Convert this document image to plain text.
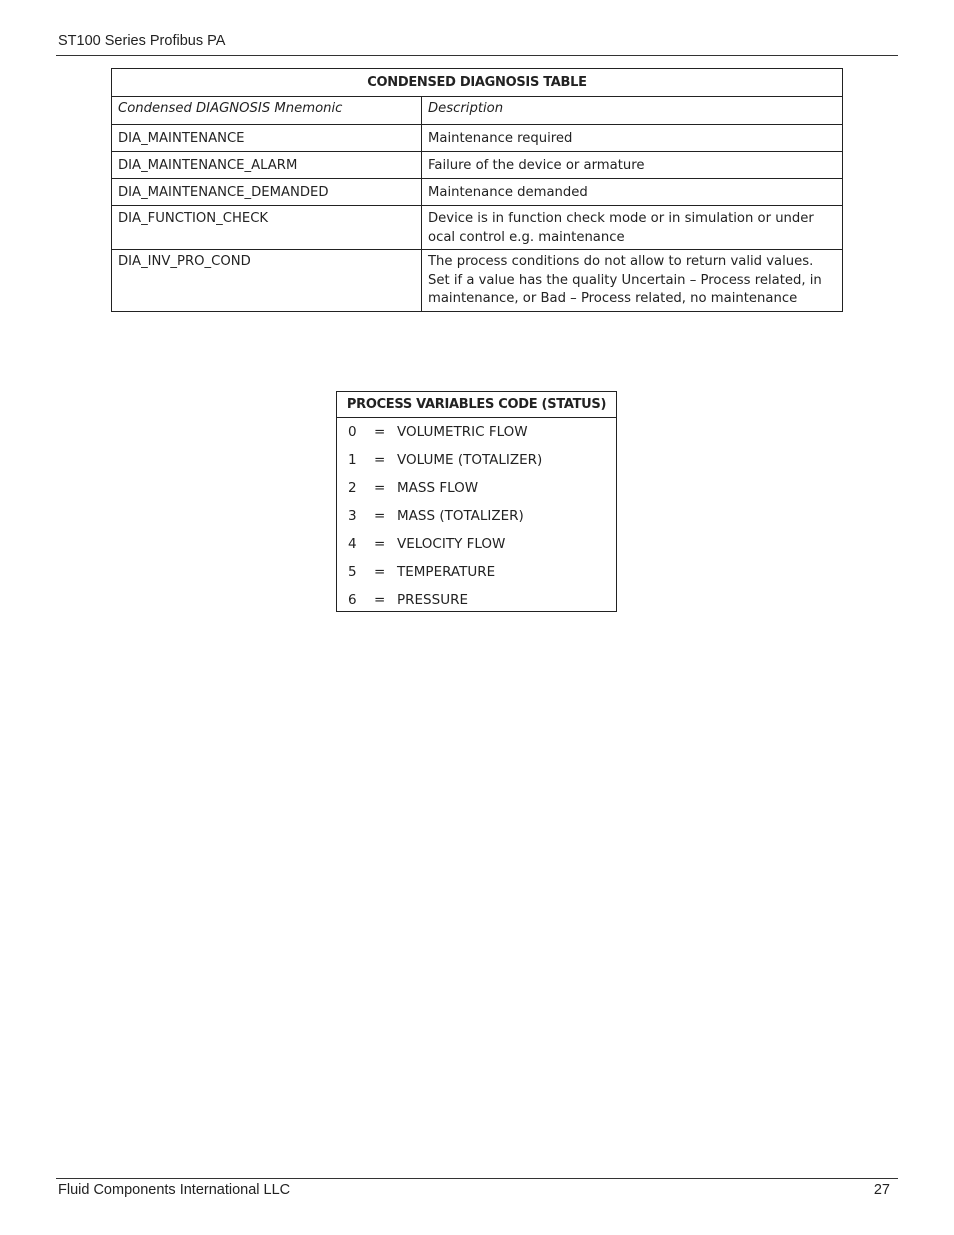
ST100 Series Profibus PA
CONDENSED DIAGNOSIS TABLE	
Condensed DIAGNOSIS Mnemonic	Description
DIA_MAINTENANCE	Maintenance required
DIA_MAINTENANCE_ALARM	Failure of the device or armature
DIA_MAINTENANCE_DEMANDED	Maintenance demanded
DIA_FUNCTION_CHECK	Device is in function check mode or in simulation or under ocal control e.g. maintenance
DIA_INV_PRO_COND	The process conditions do not allow to return valid values. Set if a value has the quality Uncertain – Process related, in maintenance, or Bad – Process related, no maintenance
PROCESS VARIABLES CODE (STATUS)
0 = VOLUMETRIC FLOW
1 = VOLUME (TOTALIZER)
2 = MASS FLOW
3 = MASS (TOTALIZER)
4 = VELOCITY FLOW
5 = TEMPERATURE
6 = PRESSURE
Fluid Components International LLC	27
